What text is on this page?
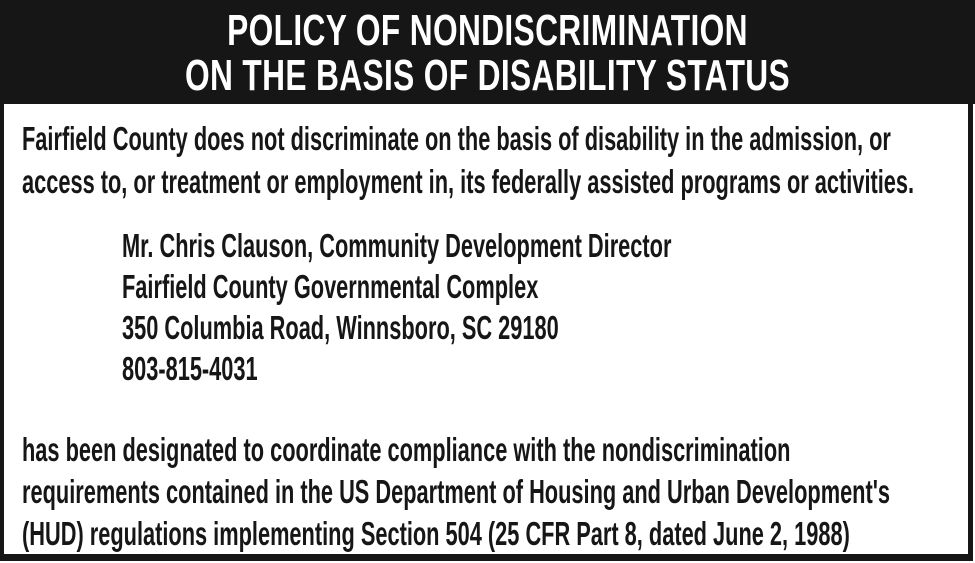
POLICY OF NONDISCRIMINATION
ON THE BASIS OF DISABILITY STATUS
Fairfield County does not discriminate on the basis of disability in the admission, or
access to, or treatment or employment in, its federally assisted programs or activities.
Mr. Chris Clauson, Community Development Director
Fairfield County Governmental Complex
350 Columbia Road, Winnsboro, SC 29180
803-815-4031
has been designated to coordinate compliance with the nondiscrimination
requirements contained in the US Department of Housing and Urban Development's
(HUD) regulations implementing Section 504 (25 CFR Part 8, dated June 2, 1988)
